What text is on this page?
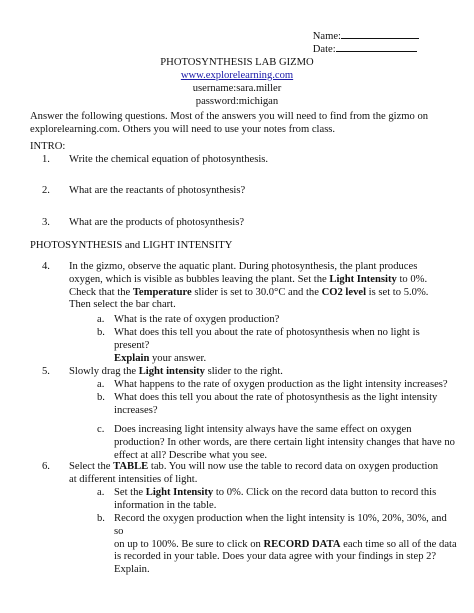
Name:
Date:
PHOTOSYNTHESIS LAB GIZMO
www.explorelearning.com
username:sara.miller
password:michigan
Answer the following questions. Most of the answers you will need to find from the gizmo on
explorelearning.com. Others you will need to use your notes from class.
INTRO:
1. Write the chemical equation of photosynthesis.
2. What are the reactants of photosynthesis?
3. What are the products of photosynthesis?
PHOTOSYNTHESIS and LIGHT INTENSITY
4. In the gizmo, observe the aquatic plant. During photosynthesis, the plant produces
oxygen, which is visible as bubbles leaving the plant. Set the Light Intensity to 0%.
Check that the Temperature slider is set to 30.0°C and the CO2 level is set to 5.0%.
Then select the bar chart.
a. What is the rate of oxygen production?
b. What does this tell you about the rate of photosynthesis when no light is present?
Explain your answer.
5. Slowly drag the Light intensity slider to the right.
a. What happens to the rate of oxygen production as the light intensity increases?
b. What does this tell you about the rate of photosynthesis as the light intensity
increases?
c. Does increasing light intensity always have the same effect on oxygen
production? In other words, are there certain light intensity changes that have no
effect at all? Describe what you see.
6. Select the TABLE tab. You will now use the table to record data on oxygen production
at different intensities of light.
a. Set the Light Intensity to 0%. Click on the record data button to record this
information in the table.
b. Record the oxygen production when the light intensity is 10%, 20%, 30%, and so
on up to 100%. Be sure to click on RECORD DATA each time so all of the data
is recorded in your table. Does your data agree with your findings in step 2?
Explain.
